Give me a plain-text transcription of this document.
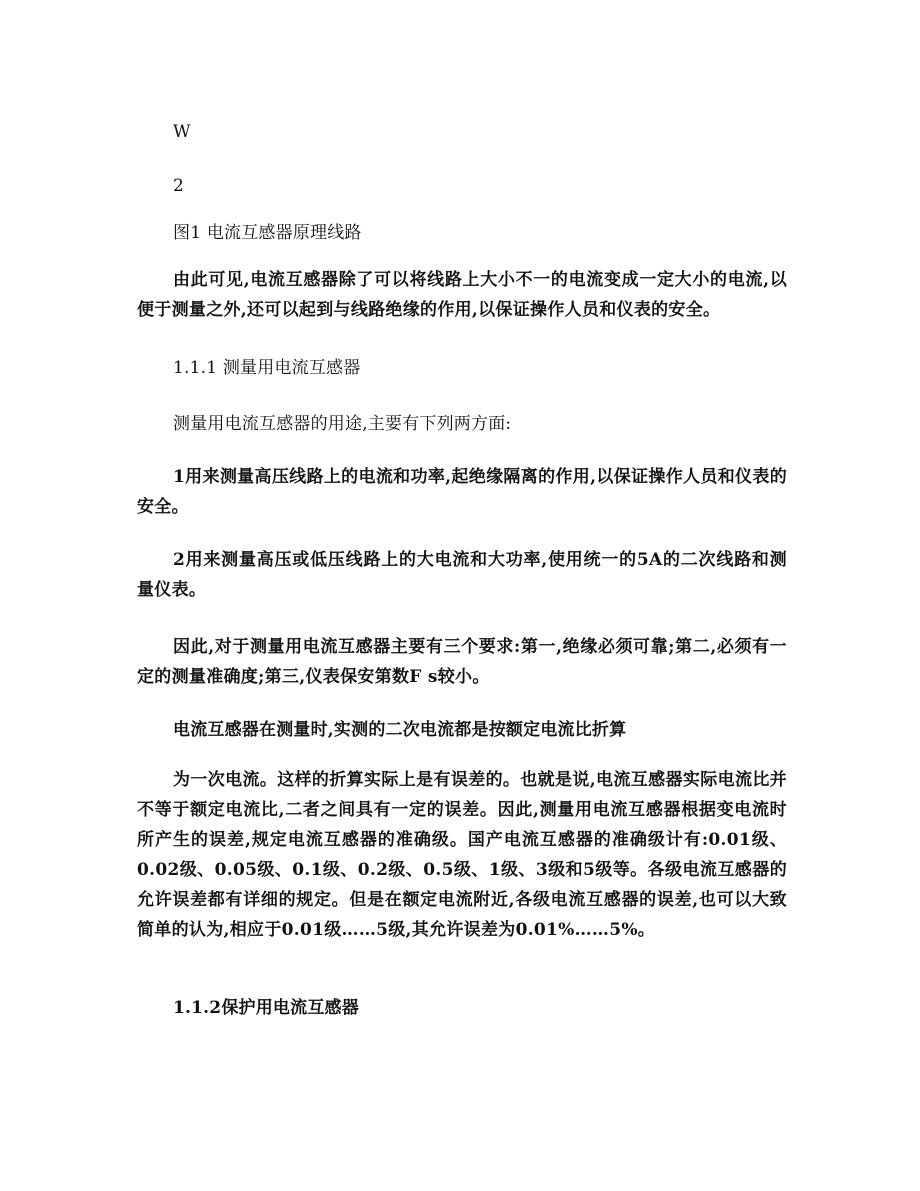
W
2
图1 电流互感器原理线路
由此可见,电流互感器除了可以将线路上大小不一的电流变成一定大小的电流,以便于测量之外,还可以起到与线路绝缘的作用,以保证操作人员和仪表的安全。
1.1.1 测量用电流互感器
测量用电流互感器的用途,主要有下列两方面:
1用来测量高压线路上的电流和功率,起绝缘隔离的作用,以保证操作人员和仪表的安全。
2用来测量高压或低压线路上的大电流和大功率,使用统一的5A的二次线路和测量仪表。
因此,对于测量用电流互感器主要有三个要求:第一,绝缘必须可靠;第二,必须有一定的测量准确度;第三,仪表保安第数F s较小。
电流互感器在测量时,实测的二次电流都是按额定电流比折算
为一次电流。这样的折算实际上是有误差的。也就是说,电流互感器实际电流比并不等于额定电流比,二者之间具有一定的误差。因此,测量用电流互感器根据变电流时所产生的误差,规定电流互感器的准确级。国产电流互感器的准确级计有:0.01级、0.02级、0.05级、0.1级、0.2级、0.5级、1级、3级和5级等。各级电流互感器的允许误差都有详细的规定。但是在额定电流附近,各级电流互感器的误差,也可以大致简单的认为,相应于0.01级……5级,其允许误差为0.01%……5%。
1.1.2保护用电流互感器
